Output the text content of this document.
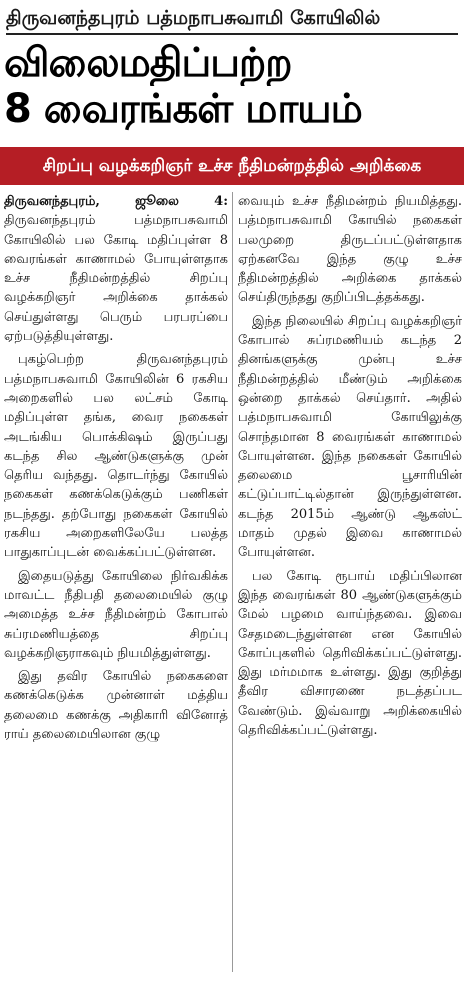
திருவனந்தபுரம் பத்மநாபசுவாமி கோயிலில்
விலைமதிப்பற்ற
8 வைரங்கள் மாயம்
சிறப்பு வழக்கறிஞர் உச்ச நீதிமன்றத்தில் அறிக்கை

திருவனந்தபுரம், ஜூலை 4: திருவனந்தபுரம் பத்மநாபசுவாமி கோயிலில் பல கோடி மதிப்புள்ள 8 வைரங்கள் காணாமல் போயுள்ளதாக உச்ச நீதிமன்றத்தில் சிறப்பு வழக்கறிஞர் அறிக்கை தாக்கல் செய்துள்ளது பெரும் பரபரப்பை ஏற்படுத்தியுள்ளது.

புகழ்பெற்ற திருவனந்தபுரம் பத்மநாபசுவாமி கோயிலின் 6 ரகசிய அறைகளில் பல லட்சம் கோடி மதிப்புள்ள தங்க, வைர நகைகள் அடங்கிய பொக்கிஷம் இருப்பது கடந்த சில ஆண்டுகளுக்கு முன் தெரிய வந்தது. தொடர்ந்து கோயில் நகைகள் கணக்கெடுக்கும் பணிகள் நடந்தது. தற்போது நகைகள் கோயில் ரகசிய அறைகளிலேயே பலத்த பாதுகாப்புடன் வைக்கப்பட்டுள்ளன.

இதையடுத்து கோயிலை நிர்வகிக்க மாவட்ட நீதிபதி தலைமையில் குழு அமைத்த உச்ச நீதிமன்றம் கோபால் சுப்ரமணியத்தை சிறப்பு வழக்கறிஞராகவும் நியமித்துள்ளது.

இது தவிர கோயில் நகைகளை கணக்கெடுக்க முன்னாள் மத்திய தலைமை கணக்கு அதிகாரி வினோத் ராய் தலைமையிலான குழு

வையும் உச்ச நீதிமன்றம் நியமித்தது. பத்மநாபசுவாமி கோயில் நகைகள் பலமுறை திருடப்பட்டுள்ளதாக ஏற்கனவே இந்த குழு உச்ச நீதிமன்றத்தில் அறிக்கை தாக்கல் செய்திருந்தது குறிப்பிடத்தக்கது.

இந்த நிலையில் சிறப்பு வழக்கறிஞர் கோபால் சுப்ரமணியம் கடந்த 2 தினங்களுக்கு முன்பு உச்ச நீதிமன்றத்தில் மீண்டும் அறிக்கை ஒன்றை தாக்கல் செய்தார். அதில் பத்மநாபசுவாமி கோயிலுக்கு சொந்தமான 8 வைரங்கள் காணாமல் போயுள்ளன. இந்த நகைகள் கோயில் தலைமை பூசாரியின் கட்டுப்பாட்டில்தான் இருந்துள்ளன. கடந்த 2015ம் ஆண்டு ஆகஸ்ட் மாதம் முதல் இவை காணாமல் போயுள்ளன.

பல கோடி ரூபாய் மதிப்பிலான இந்த வைரங்கள் 80 ஆண்டுகளுக்கும் மேல் பழமை வாய்ந்தவை. இவை சேதமடைந்துள்ளன என கோயில் கோப்புகளில் தெரிவிக்கப்பட்டுள்ளது. இது மர்மமாக உள்ளது. இது குறித்து தீவிர விசாரணை நடத்தப்பட வேண்டும். இவ்வாறு அறிக்கையில் தெரிவிக்கப்பட்டுள்ளது.
